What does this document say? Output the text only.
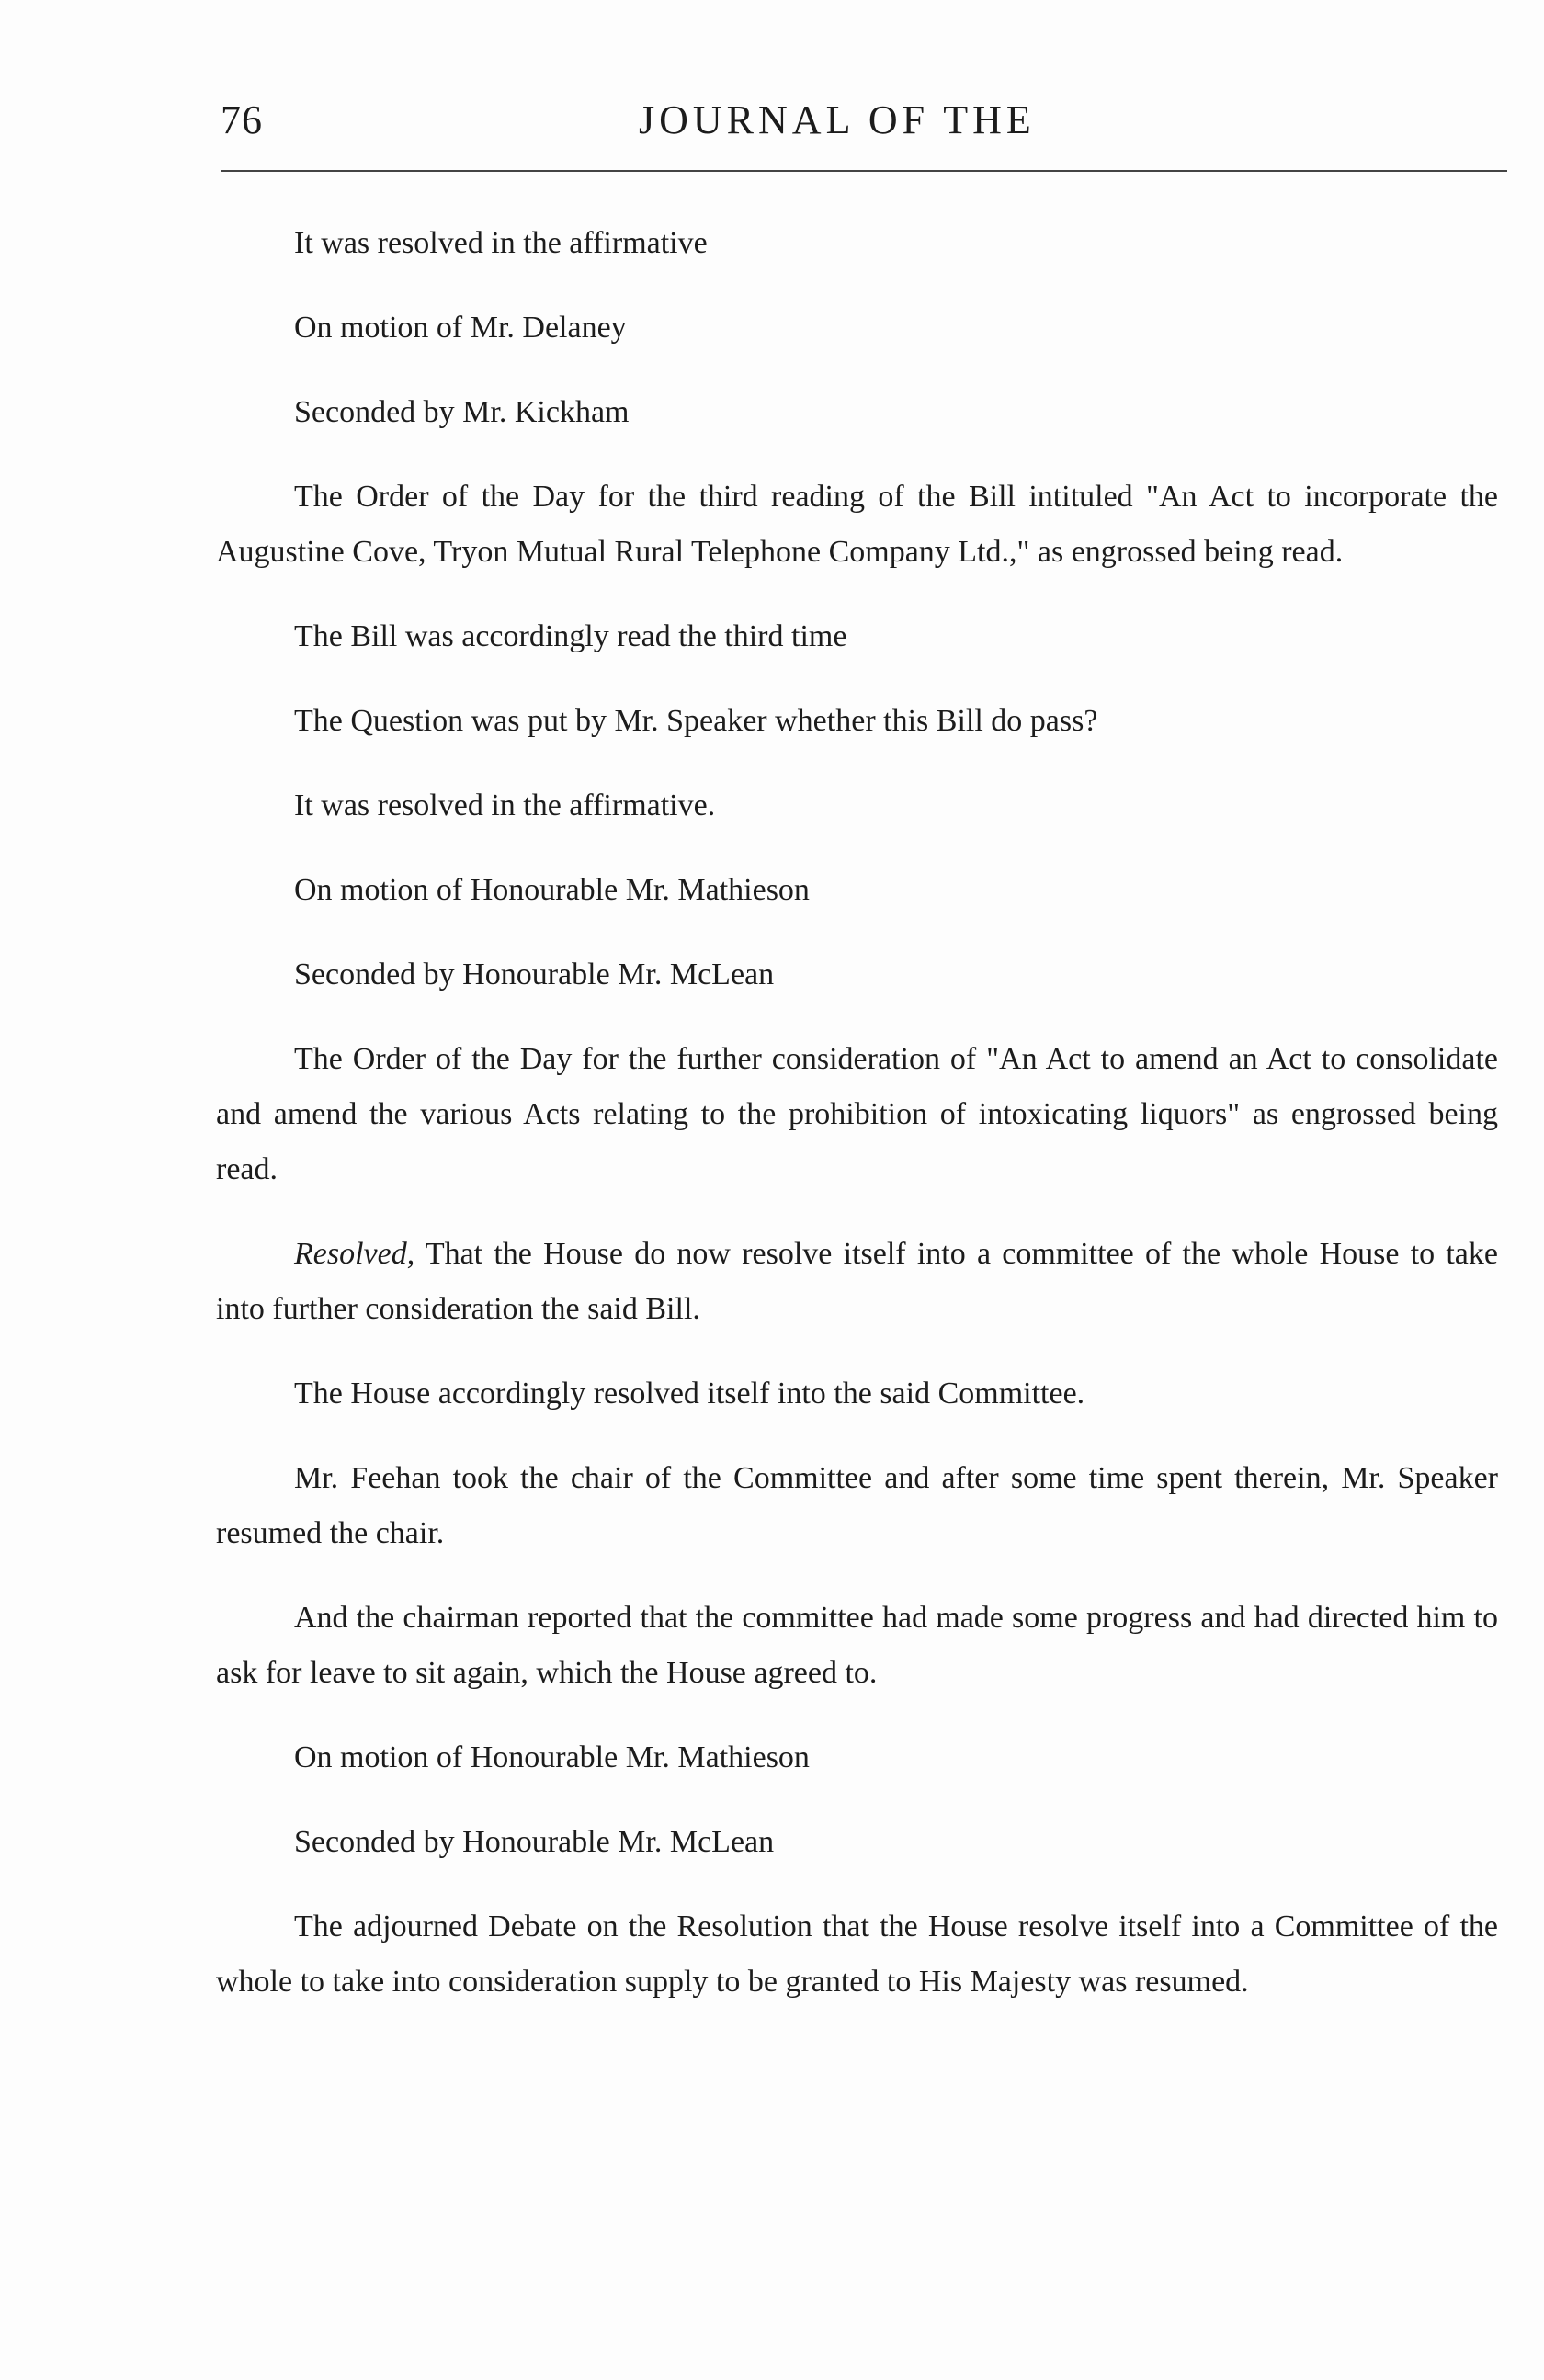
76	JOURNAL OF THE

It was resolved in the affirmative

On motion of Mr. Delaney

Seconded by Mr. Kickham

The Order of the Day for the third reading of the Bill intituled "An Act to incorporate the Augustine Cove, Tryon Mutual Rural Telephone Company Ltd.," as engrossed being read.

The Bill was accordingly read the third time

The Question was put by Mr. Speaker whether this Bill do pass?

It was resolved in the affirmative.

On motion of Honourable Mr. Mathieson

Seconded by Honourable Mr. McLean

The Order of the Day for the further consideration of "An Act to amend an Act to consolidate and amend the various Acts relating to the prohibition of intoxicating liquors" as engrossed being read.

Resolved, That the House do now resolve itself into a committee of the whole House to take into further consideration the said Bill.

The House accordingly resolved itself into the said Committee.

Mr. Feehan took the chair of the Committee and after some time spent therein, Mr. Speaker resumed the chair.

And the chairman reported that the committee had made some progress and had directed him to ask for leave to sit again, which the House agreed to.

On motion of Honourable Mr. Mathieson

Seconded by Honourable Mr. McLean

The adjourned Debate on the Resolution that the House resolve itself into a Committee of the whole to take into consideration supply to be granted to His Majesty was resumed.
